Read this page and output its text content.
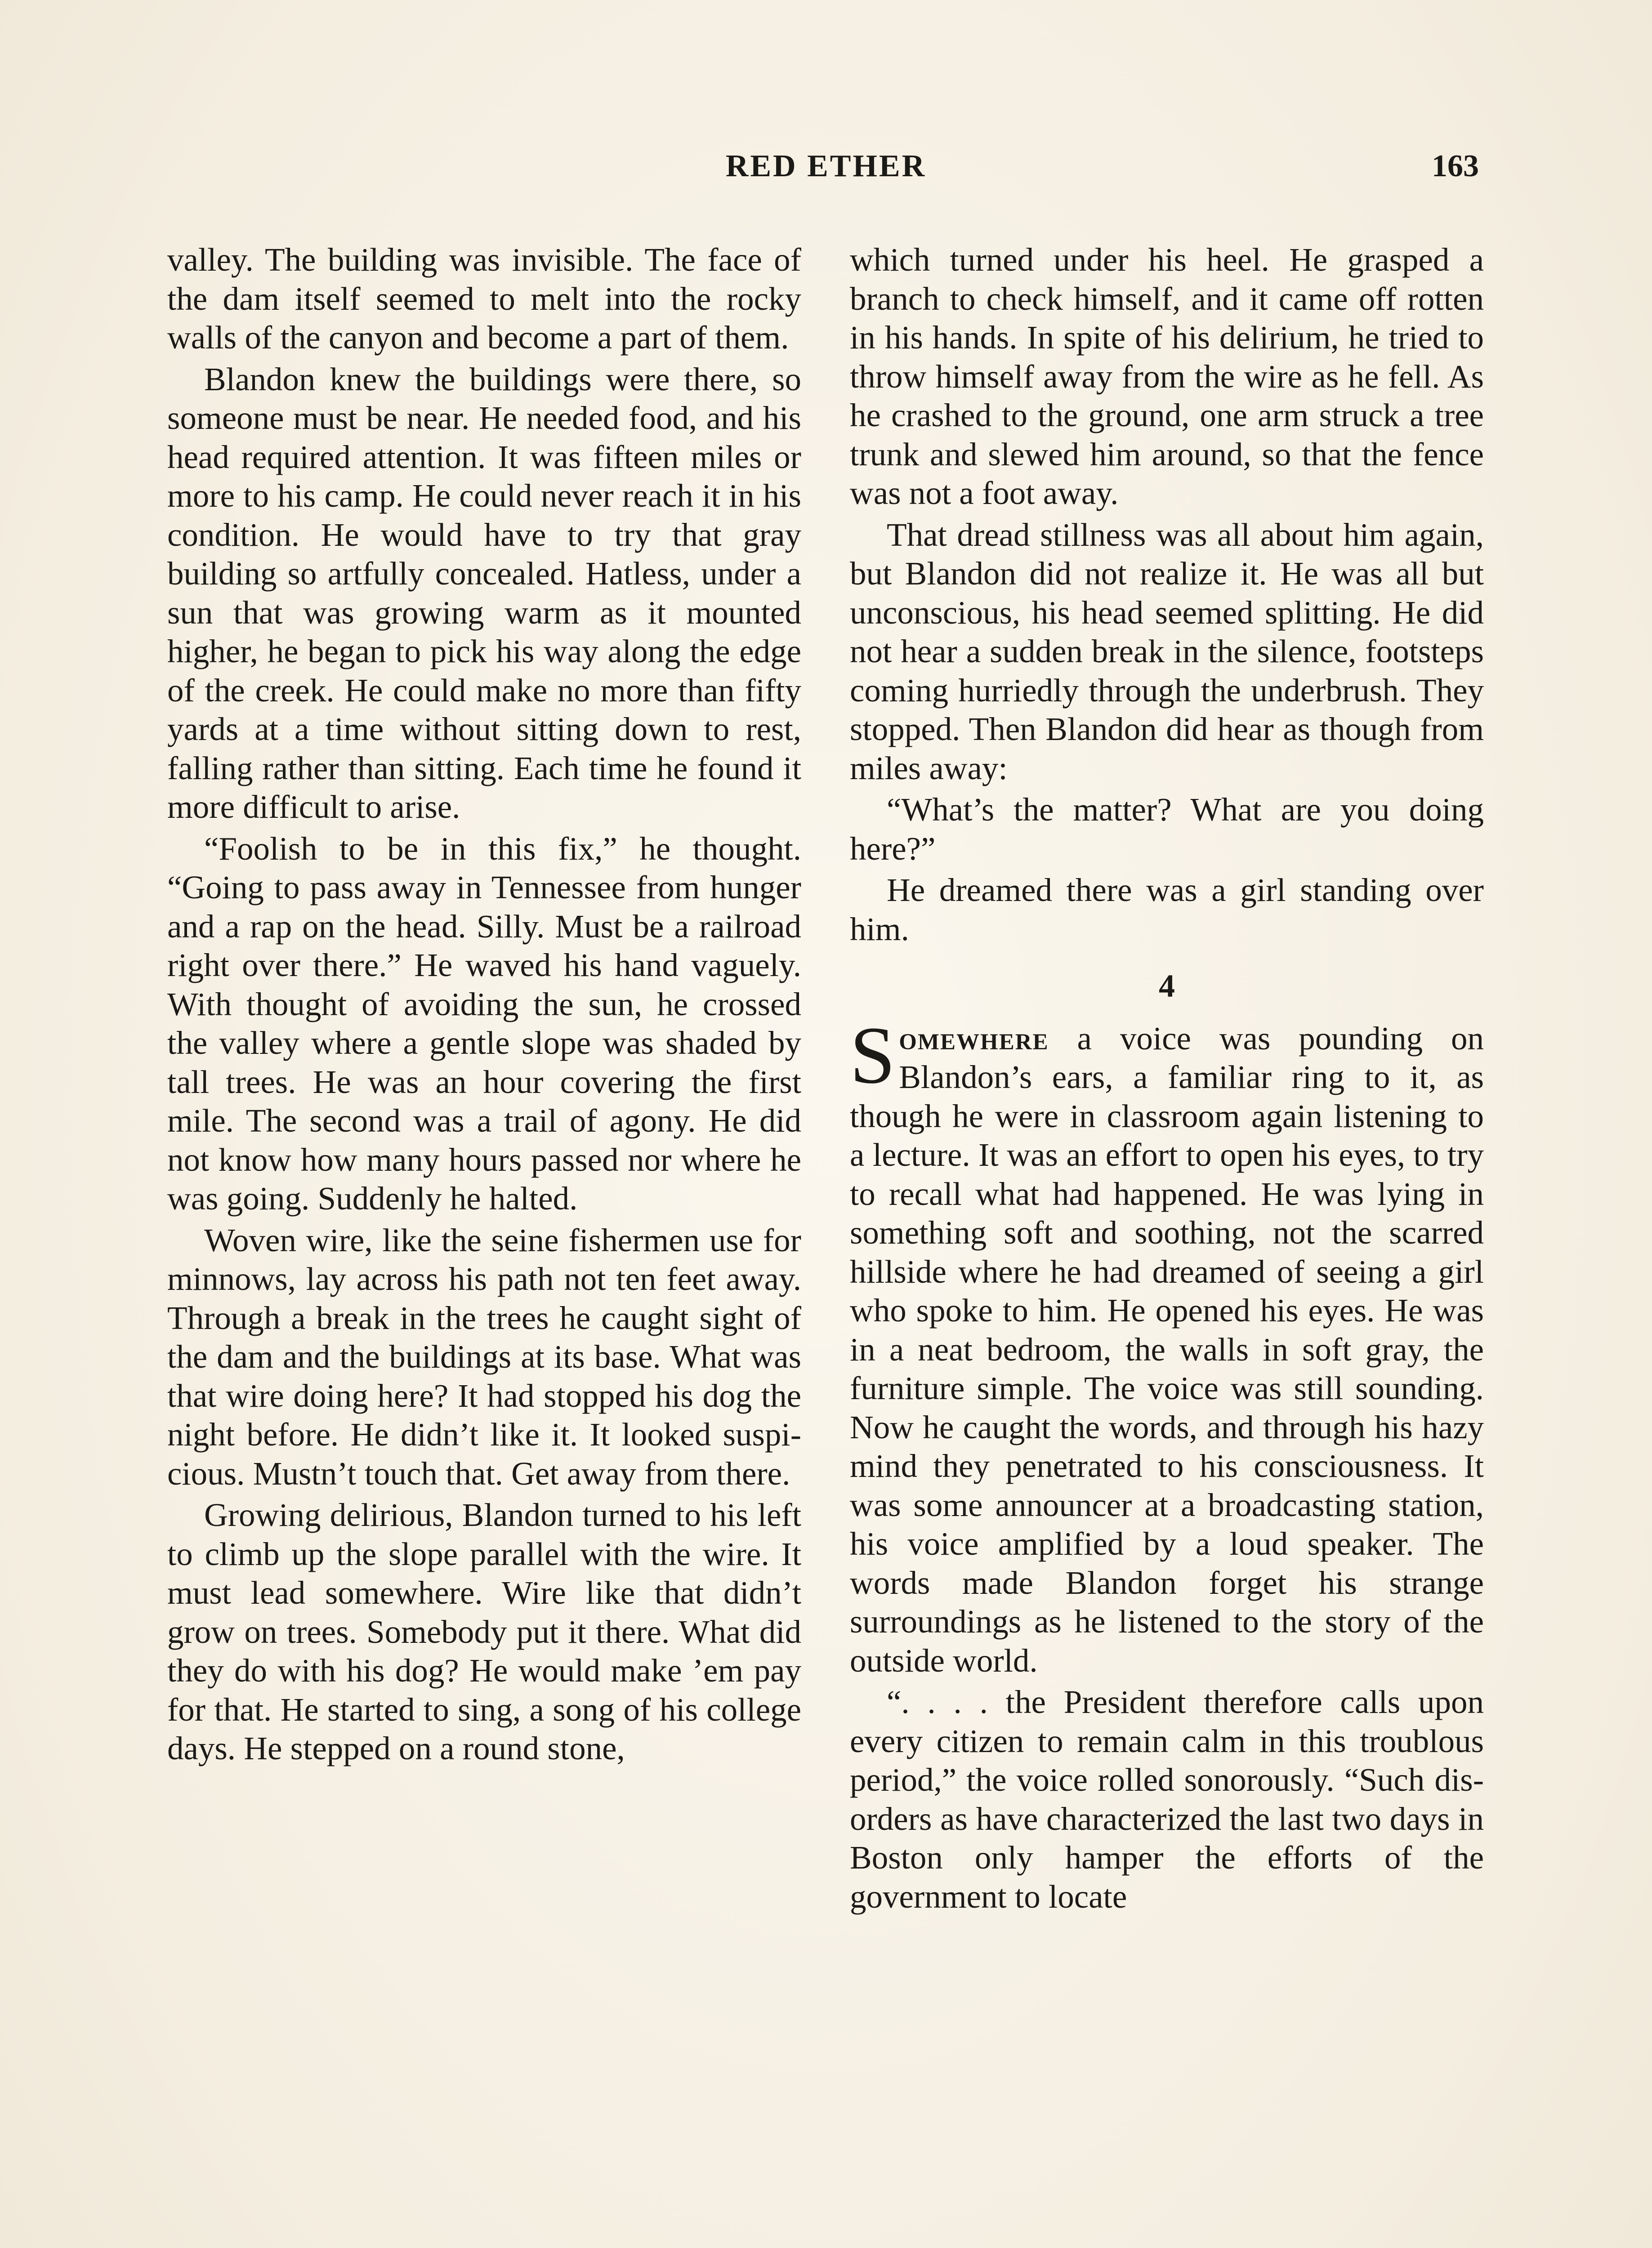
RED ETHER	163

valley. The building was invisible. The face of the dam itself seemed to melt into the rocky walls of the canyon and become a part of them.

Blandon knew the buildings were there, so someone must be near. He needed food, and his head required attention. It was fifteen miles or more to his camp. He could never reach it in his condition. He would have to try that gray building so artfully concealed. Hatless, under a sun that was growing warm as it mounted higher, he began to pick his way along the edge of the creek. He could make no more than fifty yards at a time without sitting down to rest, falling rather than sitting. Each time he found it more difficult to arise.

“Foolish to be in this fix,” he thought. “Going to pass away in Tennessee from hunger and a rap on the head. Silly. Must be a railroad right over there.” He waved his hand vaguely. With thought of avoiding the sun, he crossed the valley where a gentle slope was shaded by tall trees. He was an hour covering the first mile. The second was a trail of agony. He did not know how many hours passed nor where he was going. Suddenly he halted.

Woven wire, like the seine fishermen use for minnows, lay across his path not ten feet away. Through a break in the trees he caught sight of the dam and the buildings at its base. What was that wire doing here? It had stopped his dog the night before. He didn’t like it. It looked suspicious. Mustn’t touch that. Get away from there.

Growing delirious, Blandon turned to his left to climb up the slope parallel with the wire. It must lead somewhere. Wire like that didn’t grow on trees. Somebody put it there. What did they do with his dog? He would make ’em pay for that. He started to sing, a song of his college days. He stepped on a round stone,

which turned under his heel. He grasped a branch to check himself, and it came off rotten in his hands. In spite of his delirium, he tried to throw himself away from the wire as he fell. As he crashed to the ground, one arm struck a tree trunk and slewed him around, so that the fence was not a foot away.

That dread stillness was all about him again, but Blandon did not realize it. He was all but unconscious, his head seemed splitting. He did not hear a sudden break in the silence, footsteps coming hurriedly through the underbrush. They stopped. Then Blandon did hear as though from miles away:

“What’s the matter? What are you doing here?”

He dreamed there was a girl standing over him.

4

Somewhere a voice was pounding on Blandon’s ears, a familiar ring to it, as though he were in classroom again listening to a lecture. It was an effort to open his eyes, to try to recall what had happened. He was lying in something soft and soothing, not the scarred hillside where he had dreamed of seeing a girl who spoke to him. He opened his eyes. He was in a neat bedroom, the walls in soft gray, the furniture simple. The voice was still sounding. Now he caught the words, and through his hazy mind they penetrated to his consciousness. It was some announcer at a broadcasting station, his voice amplified by a loud speaker. The words made Blandon forget his strange surroundings as he listened to the story of the outside world.

“. . . . the President therefore calls upon every citizen to remain calm in this troublous period,” the voice rolled sonorously. “Such disorders as have characterized the last two days in Boston only hamper the efforts of the government to locate
